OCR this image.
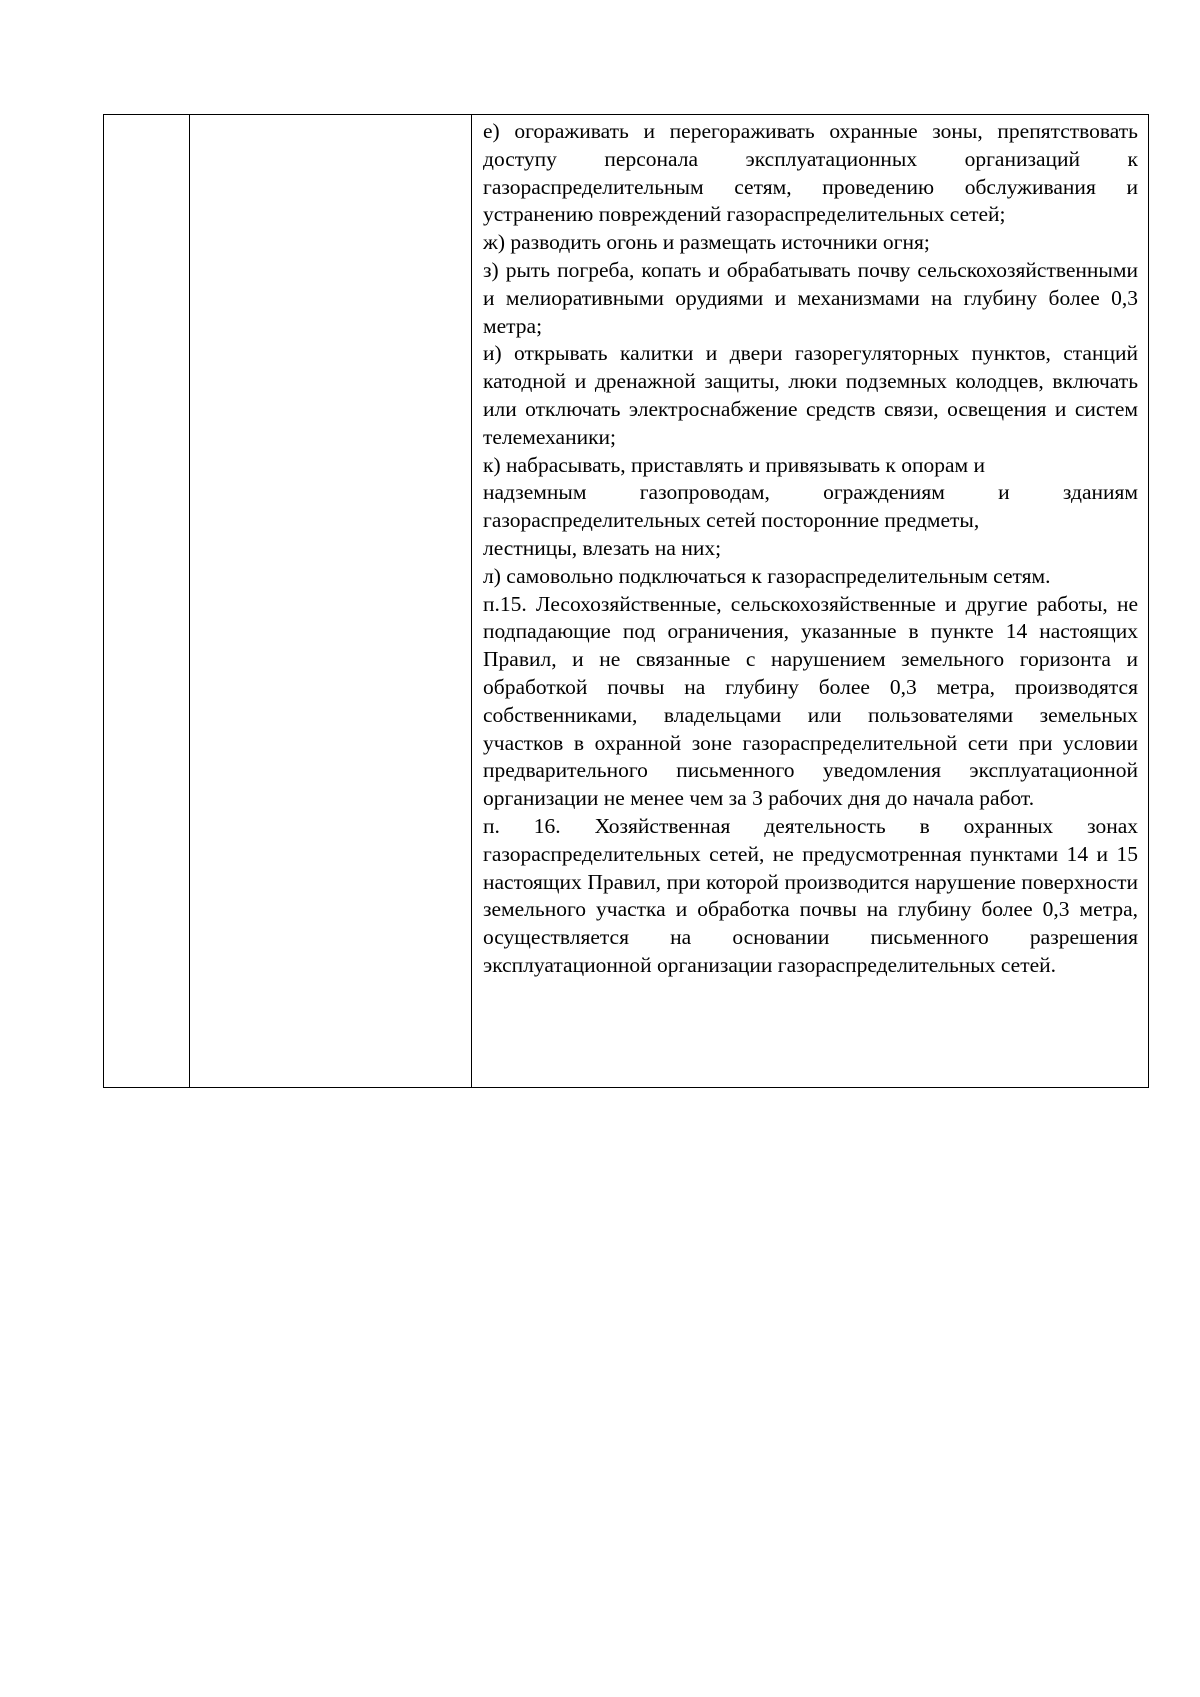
е) огораживать и перегораживать охранные зоны, препятствовать доступу персонала эксплуатационных организаций к газораспределительным сетям, проведению обслуживания и устранению повреждений газораспределительных сетей;

ж) разводить огонь и размещать источники огня;

з) рыть погреба, копать и обрабатывать почву сельскохозяйственными и мелиоративными орудиями и механизмами на глубину более 0,3 метра;

и) открывать калитки и двери газорегуляторных пунктов, станций катодной и дренажной защиты, люки подземных колодцев, включать или отключать электроснабжение средств связи, освещения и систем телемеханики;

к) набрасывать, приставлять и привязывать к опорам и

надземным газопроводам, ограждениям и зданиям газораспределительных сетей посторонние предметы,

лестницы, влезать на них;

л) самовольно подключаться к газораспределительным сетям.

п.15. Лесохозяйственные, сельскохозяйственные и другие работы, не подпадающие под ограничения, указанные в пункте 14 настоящих Правил, и не связанные с нарушением земельного горизонта и обработкой почвы на глубину более 0,3 метра, производятся собственниками, владельцами или пользователями земельных участков в охранной зоне газораспределительной сети при условии предварительного письменного уведомления эксплуатационной организации не менее чем за 3 рабочих дня до начала работ.

п. 16. Хозяйственная деятельность в охранных зонах газораспределительных сетей, не предусмотренная пунктами 14 и 15 настоящих Правил, при которой производится нарушение поверхности земельного участка и обработка почвы на глубину более 0,3 метра, осуществляется на основании письменного разрешения эксплуатационной организации газораспределительных сетей.
